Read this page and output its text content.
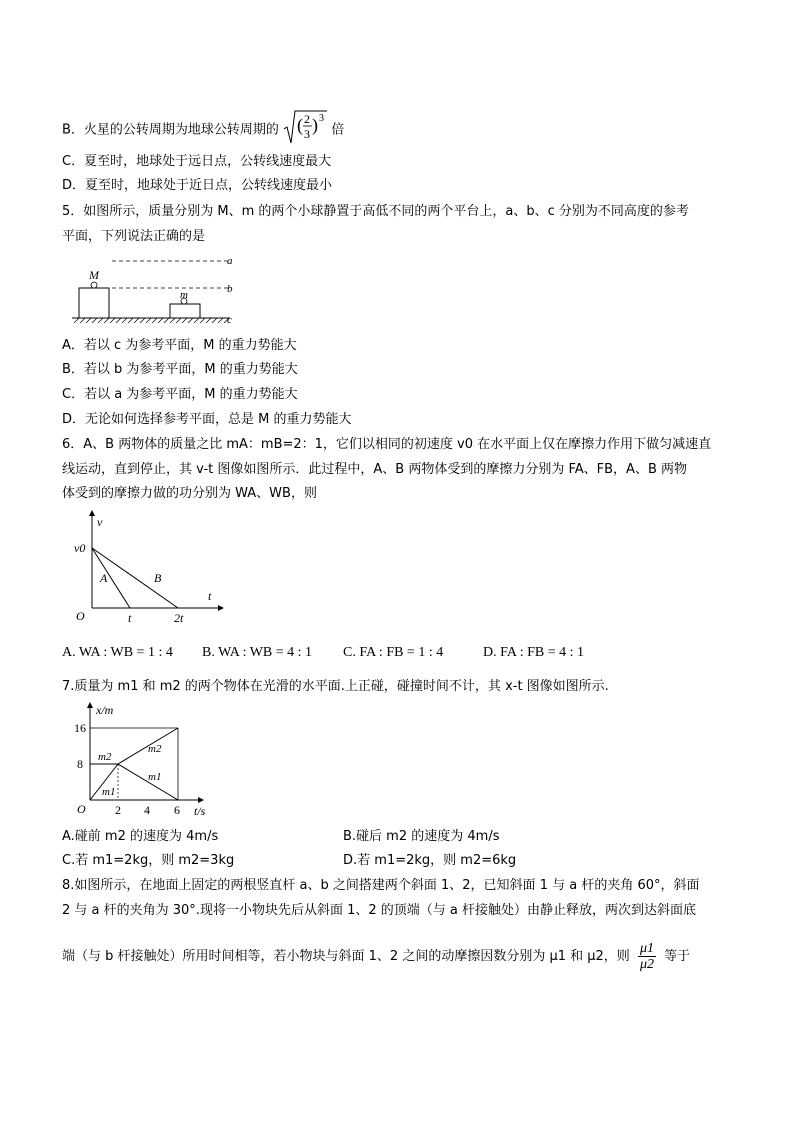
B．火星的公转周期为地球公转周期的 ( 2
3 ) 3
倍
C．夏至时，地球处于远日点，公转线速度最大
D．夏至时，地球处于近日点，公转线速度最小
5．如图所示，质量分别为 M、m 的两个小球静置于高低不同的两个平台上，a、b、c 分别为不同高度的参考
平面，下列说法正确的是
M
m
a
b
c
A．若以 c 为参考平面，M 的重力势能大
B．若以 b 为参考平面，M 的重力势能大
C．若以 a 为参考平面，M 的重力势能大
D．无论如何选择参考平面，总是 M 的重力势能大
6．A、B 两物体的质量之比 mA：mB=2：1，它们以相同的初速度 v0 在水平面上仅在摩擦力作用下做匀减速直
线运动，直到停止，其 v-t 图像如图所示．此过程中，A、B 两物体受到的摩擦力分别为 FA、FB，A、B 两物
体受到的摩擦力做的功分别为 WA、WB，则
v
v0
A	B
O	t	2t
t
A. WA : WB = 1 : 4 B. WA : WB = 4 : 1 C. FA : FB = 1 : 4	D. FA : FB = 4 : 1
7.质量为 m1 和 m2 的两个物体在光滑的水平面.上正碰，碰撞时间不计，其 x-t 图像如图所示.
x/m
16
8
O 2 4 6 t/s
m2
m1
m2
m1
A.碰前 m2 的速度为 4m/s	B.碰后 m2 的速度为 4m/s
C.若 m1=2kg，则 m2=3kg	D.若 m1=2kg，则 m2=6kg
8.如图所示，在地面上固定的两根竖直杆 a、b 之间搭建两个斜面 1、2，已知斜面 1 与 a 杆的夹角 60°，斜面
2 与 a 杆的夹角为 30°.现将一小物块先后从斜面 1、2 的顶端（与 a 杆接触处）由静止释放，两次到达斜面底
端（与 b 杆接触处）所用时间相等，若小物块与斜面 1、2 之间的动摩擦因数分别为 μ1 和 μ2，则 $\frac{\mu 1}{\mu 2}$ 等于
